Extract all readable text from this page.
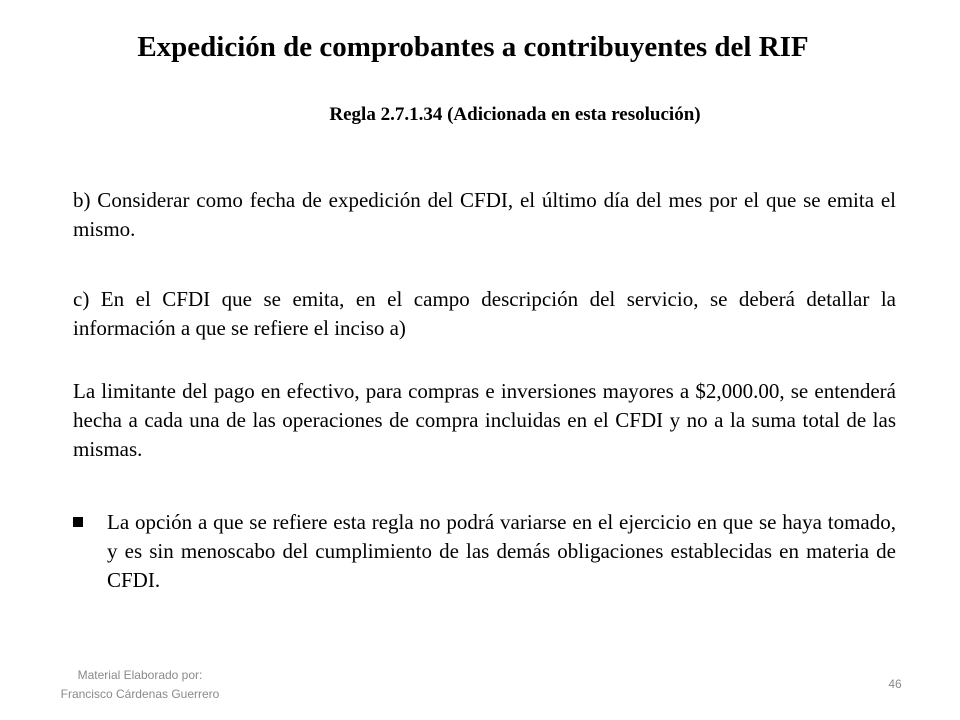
Expedición de comprobantes a contribuyentes del RIF
Regla 2.7.1.34 (Adicionada en esta resolución)

b) Considerar como fecha de expedición del CFDI, el último día del mes por el que se emita el mismo.

c) En el CFDI que se emita, en el campo descripción del servicio, se deberá detallar la información a que se refiere el inciso a)

La limitante del pago en efectivo, para compras e inversiones mayores a $2,000.00, se entenderá hecha a cada una de las operaciones de compra incluidas en el CFDI y no a la suma total de las mismas.

La opción a que se refiere esta regla no podrá variarse en el ejercicio en que se haya tomado, y es sin menoscabo del cumplimiento de las demás obligaciones establecidas en materia de CFDI.

Material Elaborado por:
Francisco Cárdenas Guerrero
46
